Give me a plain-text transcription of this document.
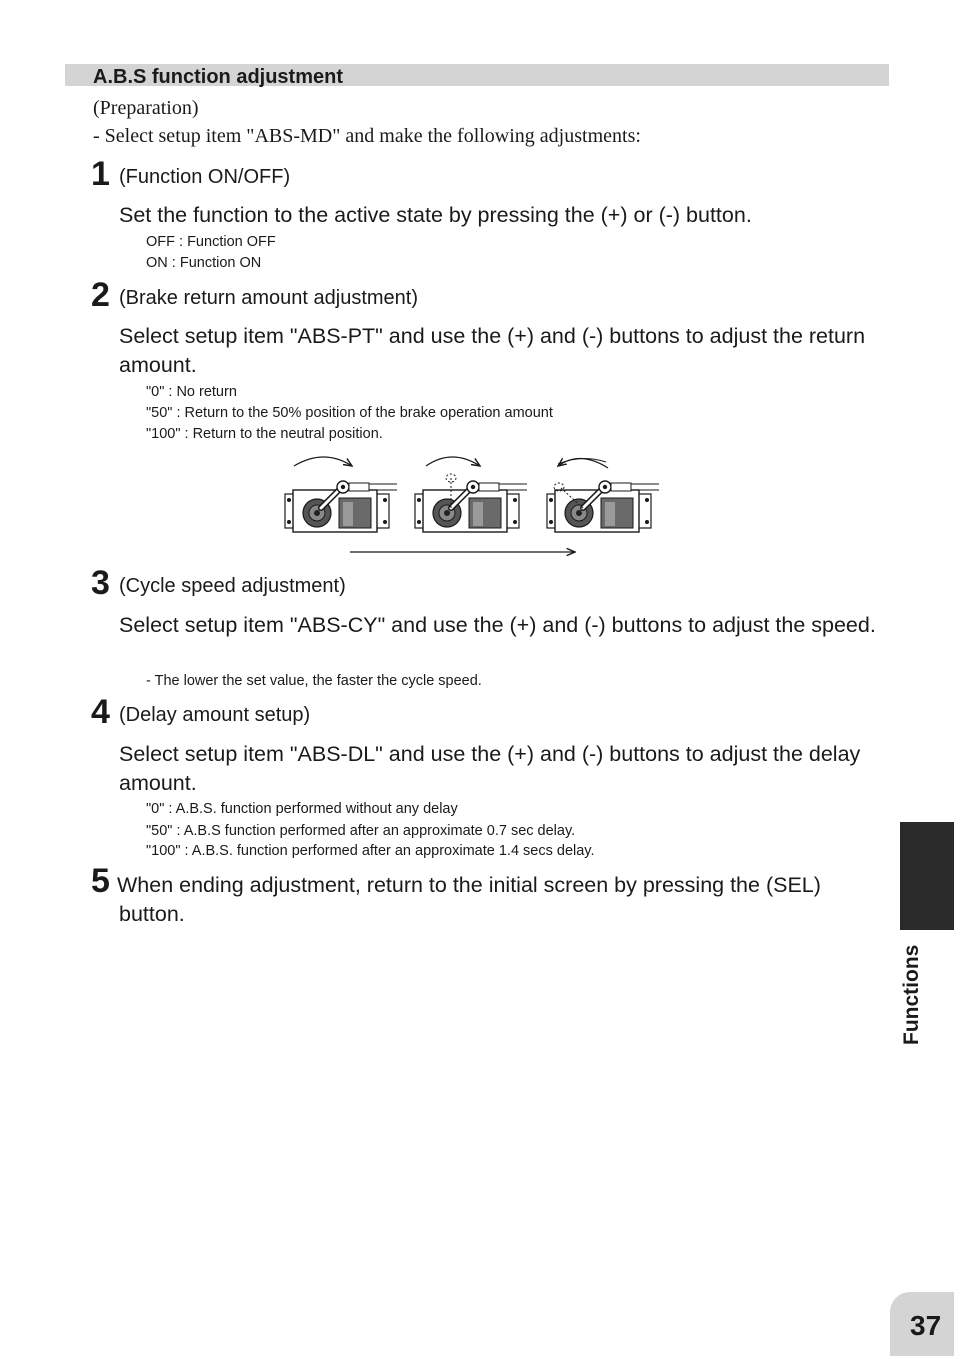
A.B.S function adjustment
(Preparation)
- Select setup item "ABS-MD" and make the following adjustments:
1 (Function ON/OFF)
Set the function to the active state by pressing the (+) or (-) button.
OFF : Function OFF
ON : Function ON
2 (Brake return amount adjustment)
Select setup item "ABS-PT" and use the (+) and (-) buttons to adjust the return amount.
"0" : No return
"50" : Return to the 50% position of the brake operation amount
"100" : Return to the neutral position.
3 (Cycle speed adjustment)
Select setup item "ABS-CY" and use the (+) and (-) buttons to adjust the speed.
- The lower the set value, the faster the cycle speed.
4 (Delay amount setup)
Select setup item "ABS-DL" and use the (+) and (-) buttons to adjust the delay amount.
"0" : A.B.S. function performed without any delay
"50" : A.B.S function performed after an approximate 0.7 sec delay.
"100" : A.B.S. function performed after an approximate 1.4 secs delay.
5 When ending adjustment, return to the initial screen by pressing the (SEL) button.
Functions
37
